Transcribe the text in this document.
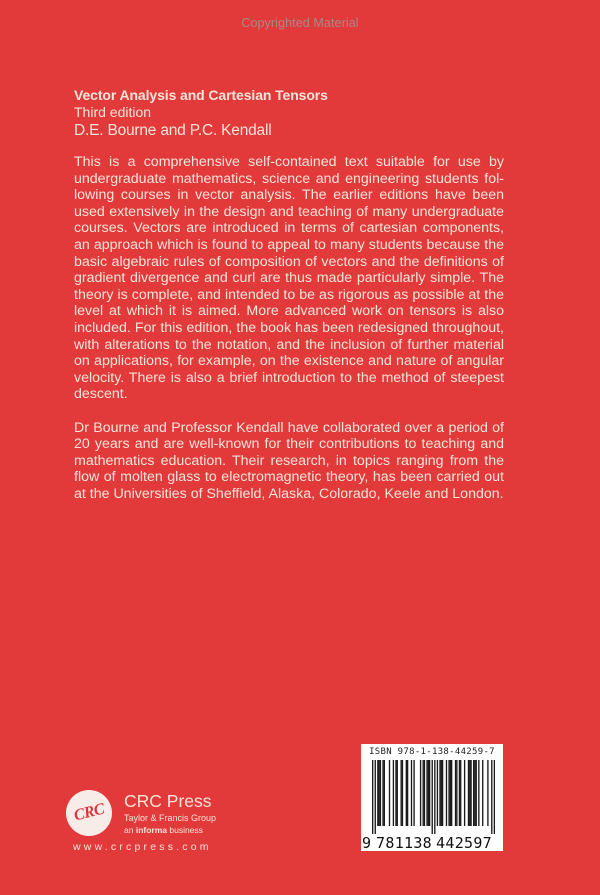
Copyrighted Material
Vector Analysis and Cartesian Tensors
Third edition
D.E. Bourne and P.C. Kendall

This is a comprehensive self-contained text suitable for use by undergraduate mathematics, science and engineering students following courses in vector analysis. The earlier editions have been used extensively in the design and teaching of many undergraduate courses. Vectors are introduced in terms of cartesian components, an approach which is found to appeal to many students because the basic algebraic rules of composition of vectors and the definitions of gradient divergence and curl are thus made particularly simple. The theory is complete, and intended to be as rigorous as possible at the level at which it is aimed. More advanced work on tensors is also included. For this edition, the book has been redesigned throughout, with alterations to the notation, and the inclusion of further material on applications, for example, on the existence and nature of angular velocity. There is also a brief introduction to the method of steepest descent.

Dr Bourne and Professor Kendall have collaborated over a period of 20 years and are well-known for their contributions to teaching and mathematics education. Their research, in topics ranging from the flow of molten glass to electromagnetic theory, has been carried out at the Universities of Sheffield, Alaska, Colorado, Keele and London.

CRC CRC Press
Taylor & Francis Group
an informa business
www.crcpress.com
ISBN 978-1-138-44259-7
9 781138 442597
